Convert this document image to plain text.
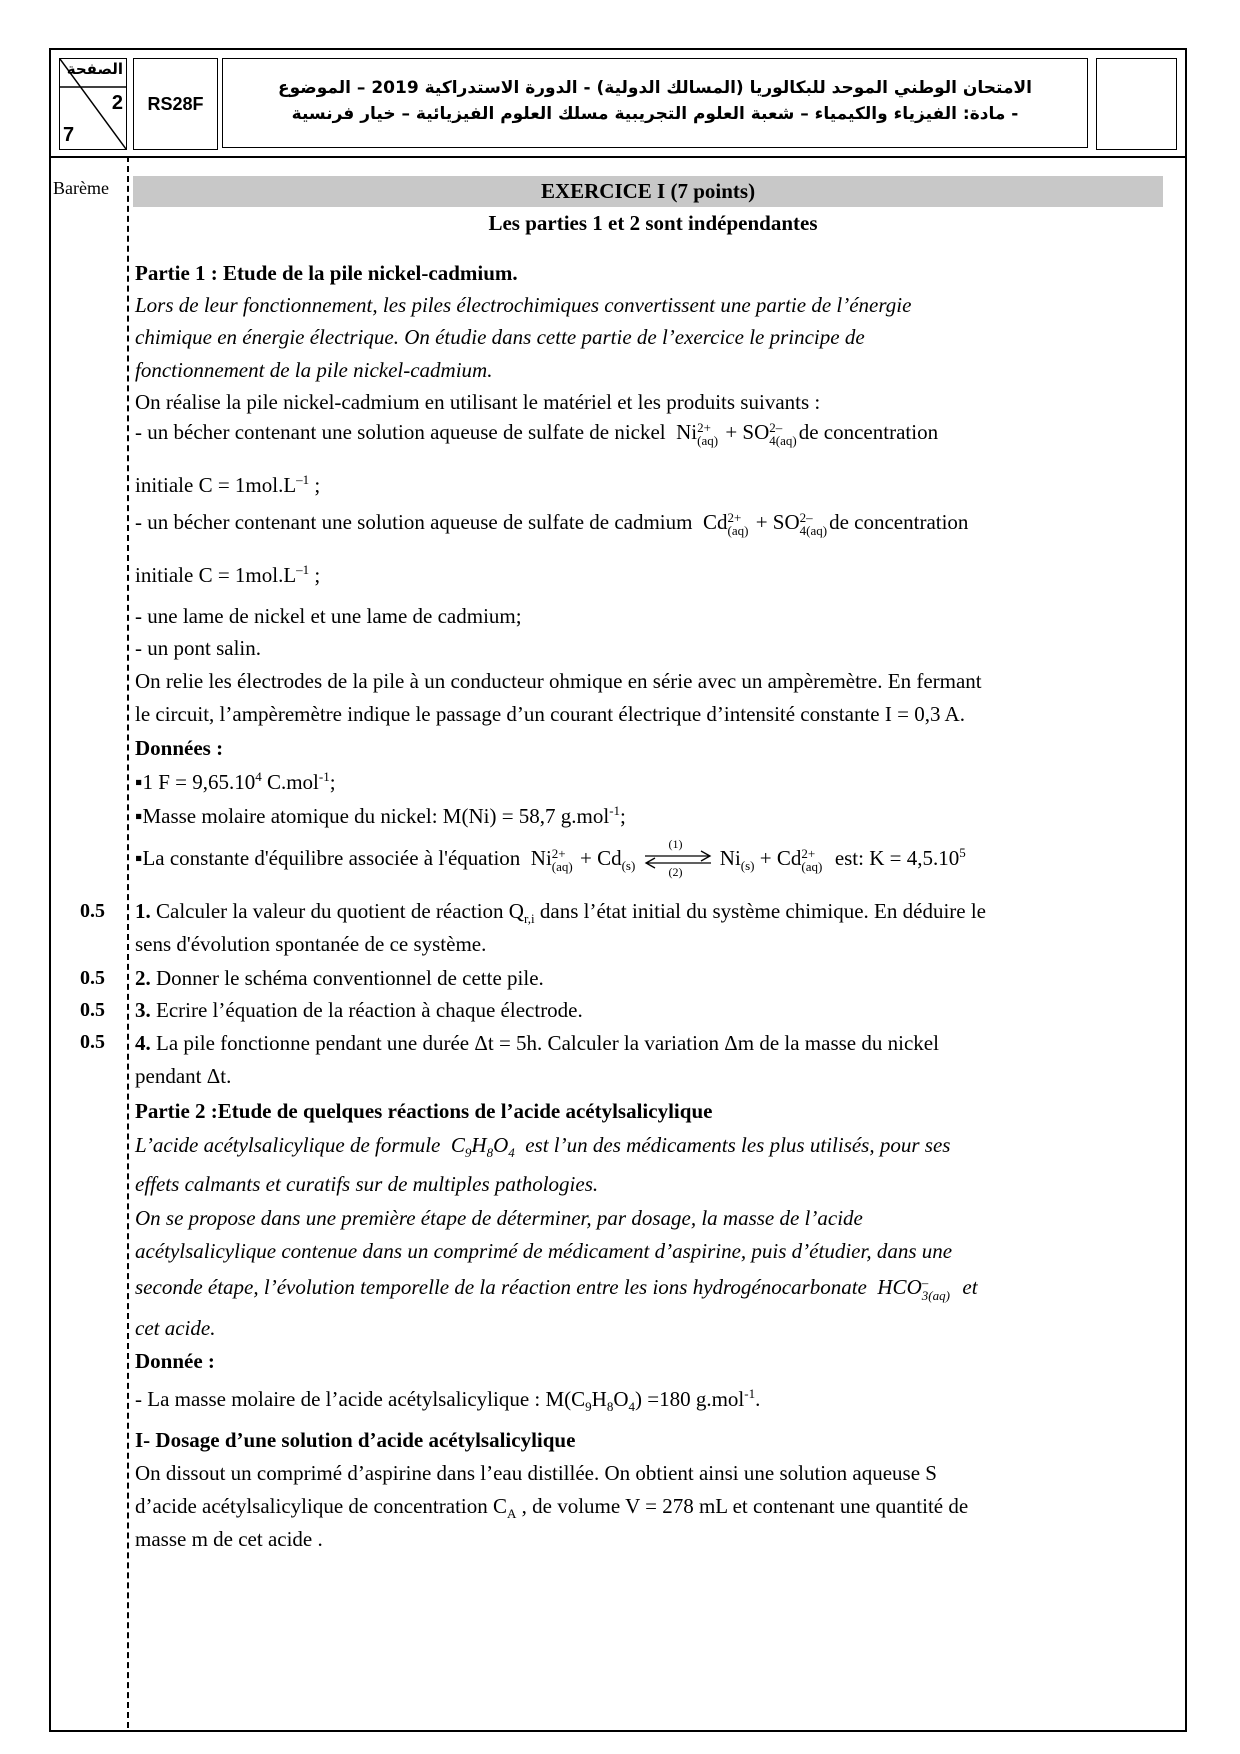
الصفحة
2
7
RS28F
الامتحان الوطني الموحد للبكالوريا (المسالك الدولية) - الدورة الاستدراكية 2019 – الموضوع
- مادة: الفيزياء والكيمياء – شعبة العلوم التجريبية مسلك العلوم الفيزيائية – خيار فرنسية
Barème
0.5
0.5
0.5
0.5
EXERCICE I (7 points)
Les parties 1 et 2 sont indépendantes
Partie 1 : Etude de la pile nickel-cadmium.
Lors de leur fonctionnement, les piles électrochimiques convertissent une partie de l’énergie
chimique en énergie électrique. On étudie dans cette partie de l’exercice le principe de
fonctionnement de la pile nickel-cadmium.
On réalise la pile nickel-cadmium en utilisant le matériel et les produits suivants :
- un bécher contenant une solution aqueuse de sulfate de nickel Ni 2+
(aq) + SO 2–
4(aq) de concentration
initiale $C = 1mol.L^{-1}$ ;
- un bécher contenant une solution aqueuse de sulfate de cadmium Cd 2+
(aq) + SO 2–
4(aq) de concentration
initiale $C = 1mol.L^{-1}$ ;
- une lame de nickel et une lame de cadmium;
- un pont salin.
On relie les électrodes de la pile à un conducteur ohmique en série avec un ampèremètre. En fermant
le circuit, l’ampèremètre indique le passage d’un courant électrique d’intensité constante I = 0,3 A.
Données :
▪1 $F = 9,65.10^4$ C.mol$^{-1}$;
▪Masse molaire atomique du nickel: M(Ni) = 58,7 g.mol$^{-1}$;
▪La constante d'équilibre associée à l'équation Ni 2+
$(aq) + Cd_{(s)}$
(1)
(2)
$Ni_{(s)} + Cd$ 2+
(aq) est: $K = 4,5.10^5$
1. Calculer la valeur du quotient de réaction $Q_{r,i}$ dans l’état initial du système chimique. En déduire le
sens d'évolution spontanée de ce système.
2. Donner le schéma conventionnel de cette pile.
3. Ecrire l’équation de la réaction à chaque électrode.
4. La pile fonctionne pendant une durée Δt = 5h. Calculer la variation Δm de la masse du nickel
pendant Δt.
Partie 2 :Etude de quelques réactions de l’acide acétylsalicylique
L’acide acétylsalicylique de formule $C_9H_8O_4$ est l’un des médicaments les plus utilisés, pour ses
effets calmants et curatifs sur de multiples pathologies.
On se propose dans une première étape de déterminer, par dosage, la masse de l’acide
acétylsalicylique contenue dans un comprimé de médicament d’aspirine, puis d’étudier, dans une
seconde étape, l’évolution temporelle de la réaction entre les ions hydrogénocarbonate HCO –
3(aq) et
cet acide.
Donnée :
- La masse molaire de l’acide acétylsalicylique : $M(C_9H_8O_4) =180$ g.mol$^{-1}$.
I- Dosage d’une solution d’acide acétylsalicylique
On dissout un comprimé d’aspirine dans l’eau distillée. On obtient ainsi une solution aqueuse S
d’acide acétylsalicylique de concentration $C_A$ , de volume V = 278 mL et contenant une quantité de
masse m de cet acide .
